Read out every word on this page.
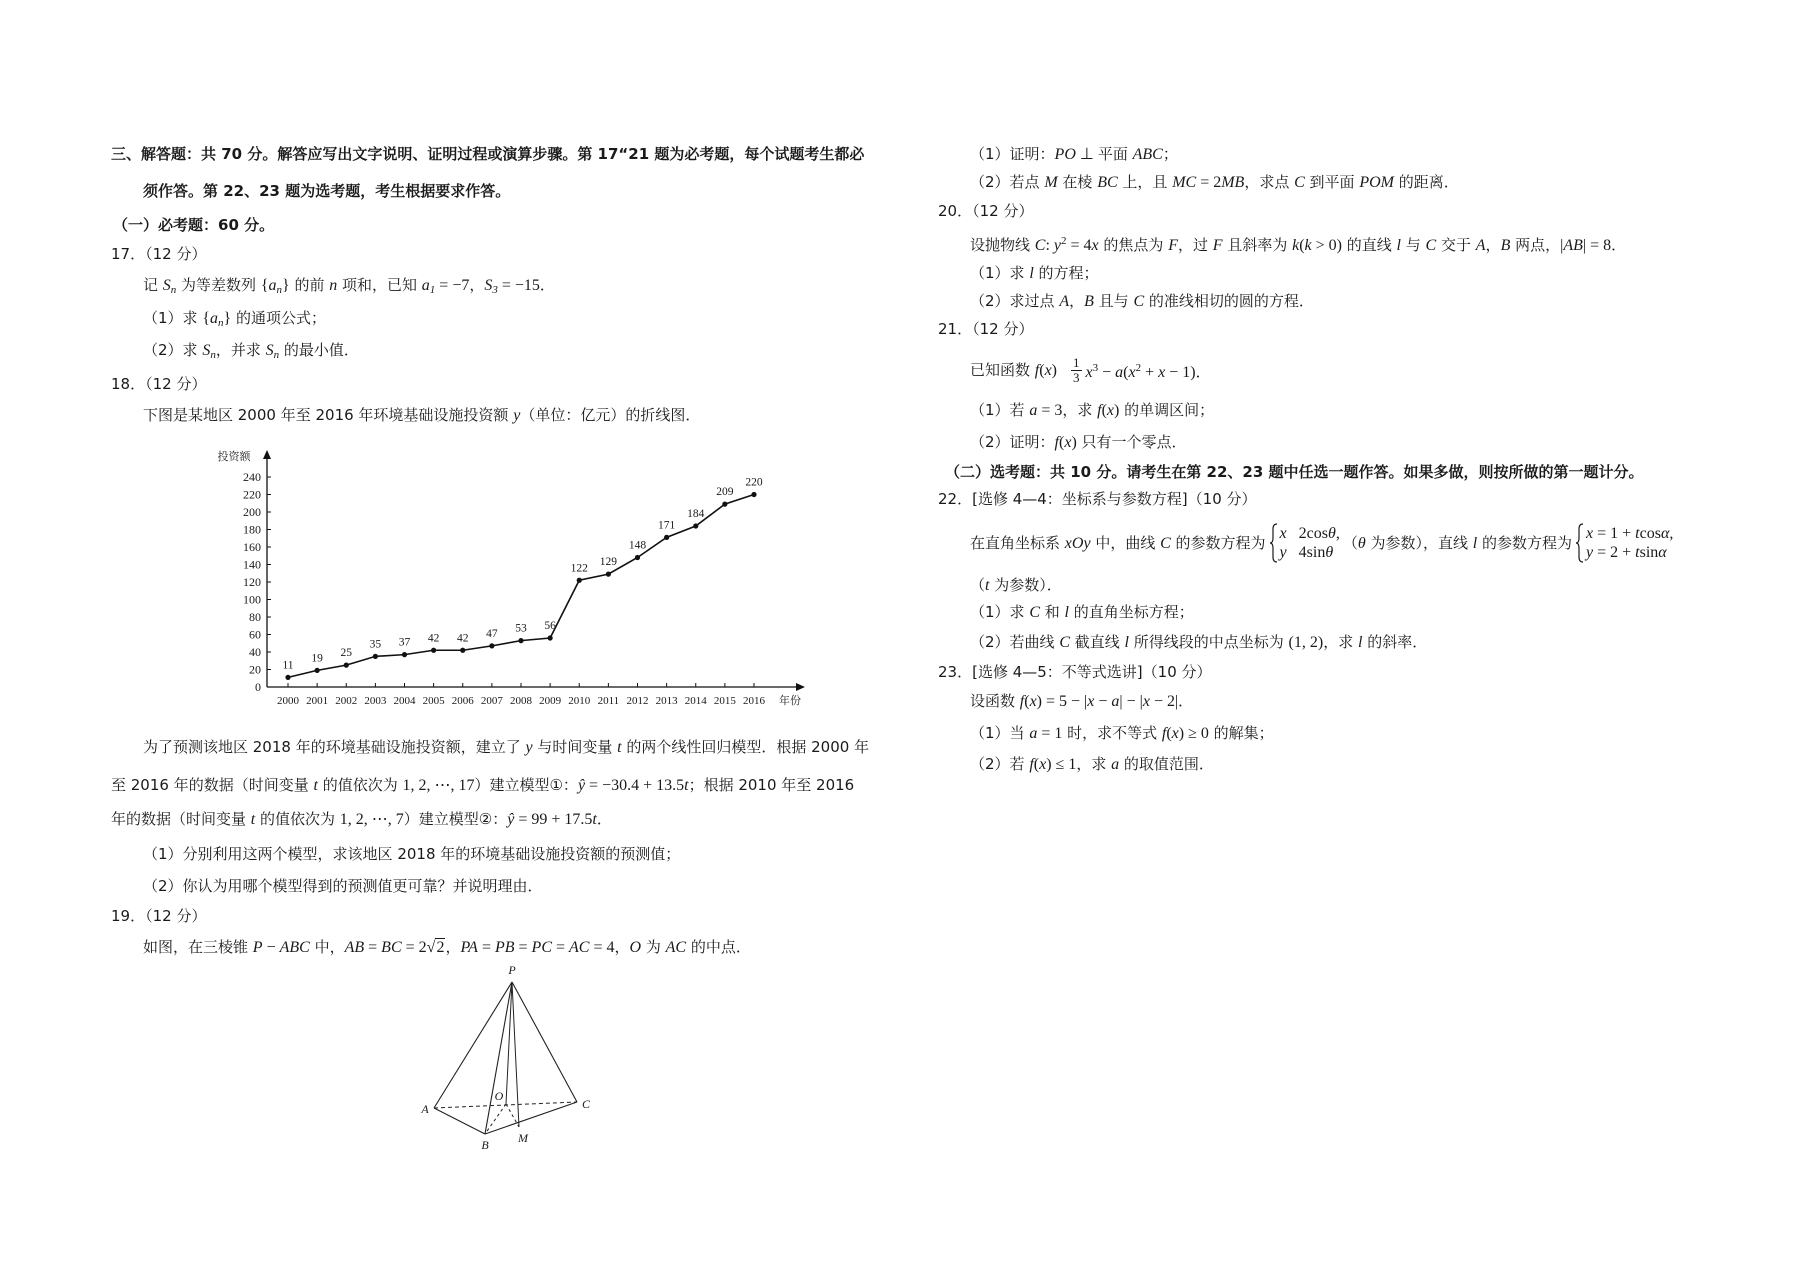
三、解答题：共 70 分。解答应写出文字说明、证明过程或演算步骤。第 17“21 题为必考题，每个试题考生都必
须作答。第 22、23 题为选考题，考生根据要求作答。
（一）必考题：60 分。
17．（12 分）
记 $S_n$ 为等差数列 $\{a_n\}$ 的前 n 项和，已知 $a_1 = -7$，$S_3 = -15$．
（1）求 $\{a_n\}$ 的通项公式；
（2）求 $S_n$，并求 $S_n$ 的最小值．
18．（12 分）
下图是某地区 2000 年至 2016 年环境基础设施投资额 y（单位：亿元）的折线图．
0
20
40
60
80
100
120
140
160
180
200
220
240
2000 2001 2002 2003 2004 2005 2006 2007 2008 2009 2010 2011 2012 2013 2014 2015 2016
11
19 25
35 37 42 42 47 53 56
122
129
148
171
184
209
220
投资额
年份
为了预测该地区 2018 年的环境基础设施投资额，建立了 y 与时间变量 t 的两个线性回归模型．根据 2000 年
至 2016 年的数据（时间变量 t 的值依次为 1, 2, ⋯, 17）建立模型①：ŷ = −30.4 + 13.5t；根据 2010 年至 2016
年的数据（时间变量 t 的值依次为 1, 2, ⋯, 7）建立模型②：ŷ = 99 + 17.5t．
（1）分别利用这两个模型，求该地区 2018 年的环境基础设施投资额的预测值；
（2）你认为用哪个模型得到的预测值更可靠？并说明理由．
19．（12 分）
如图，在三棱锥 P − ABC 中，AB = BC = 2√2，PA = PB = PC = AC = 4，O 为 AC 的中点．
P
A
B
C
O
M
（1）证明：PO ⊥ 平面 ABC；
（2）若点 M 在棱 BC 上，且 MC = 2MB，求点 C 到平面 POM 的距离．
20．（12 分）
设抛物线 C: $y^2 = 4x$ 的焦点为 F，过 F 且斜率为 k(k > 0) 的直线 l 与 C 交于 A，B 两点，|AB| = 8．
（1）求 l 的方程；
（2）求过点 A，B 且与 C 的准线相切的圆的方程．
21．（12 分）
已知函数 $f(x) \frac{1}{3} x^3 - a(x^2 + x - 1)$．
（1）若 a = 3，求 f(x) 的单调区间；
（2）证明：f(x) 只有一个零点．
（二）选考题：共 10 分。请考生在第 22、23 题中任选一题作答。如果多做，则按所做的第一题计分。
22．[选修 4—4：坐标系与参数方程]（10 分）
在直角坐标系 xOy 中，曲线 C 的参数方程为 x   2cosθ,
y   4sinθ
（θ 为参数），直线 l 的参数方程为 x = 1 + tcosα,
y = 2 + tsinα
（t 为参数）．
（1）求 C 和 l 的直角坐标方程；
（2）若曲线 C 截直线 l 所得线段的中点坐标为 (1, 2)，求 l 的斜率．
23．[选修 4—5：不等式选讲]（10 分）
设函数 f(x) = 5 − |x − a| − |x − 2|．
（1）当 a = 1 时，求不等式 f(x) ≥ 0 的解集；
（2）若 f(x) ≤ 1，求 a 的取值范围．
